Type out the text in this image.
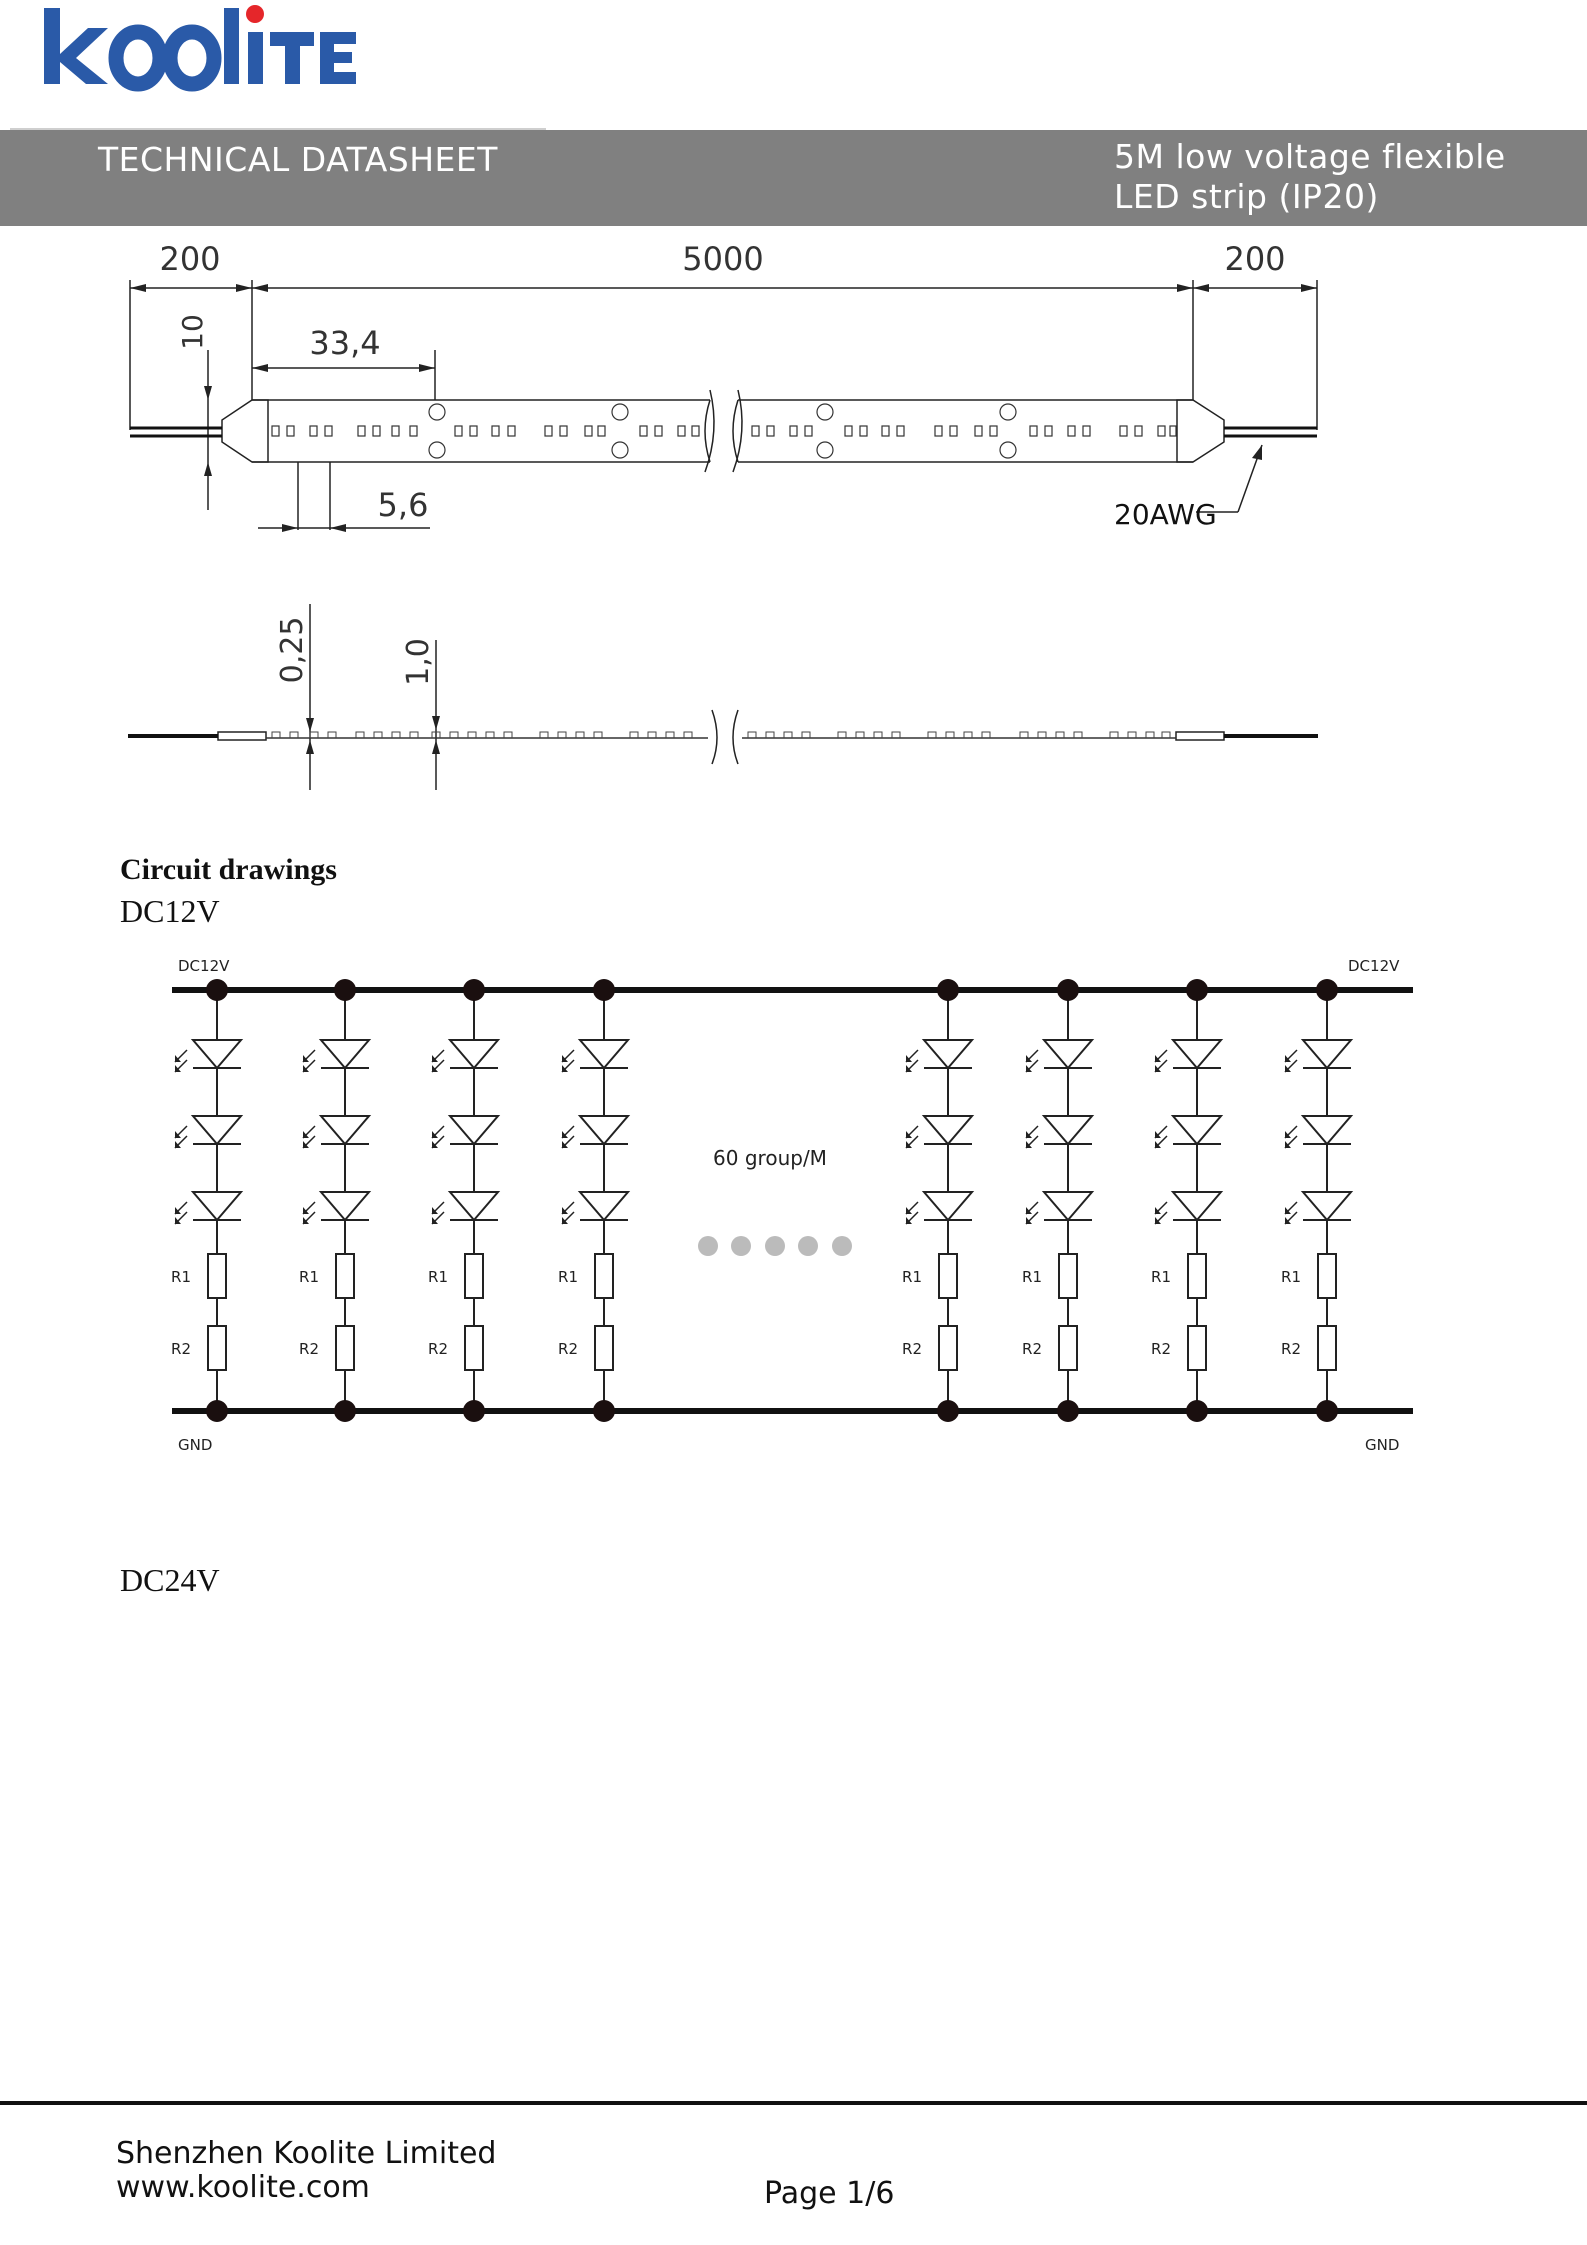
TECHNICAL DATASHEET	5M low voltage flexible
LED strip (IP20)
200	5000	200
33,4
5,6
10
20AWG
0,25	1,0
Circuit drawings
DC12V
R1
R2
R1
R2
R1
R2
R1
R2
R1
R2
R1
R2
R1
R2
R1
R2
DC12V	DC12V
GND	GND
60 group/M
DC24V
Shenzhen Koolite Limited
www.koolite.com	Page 1/6
